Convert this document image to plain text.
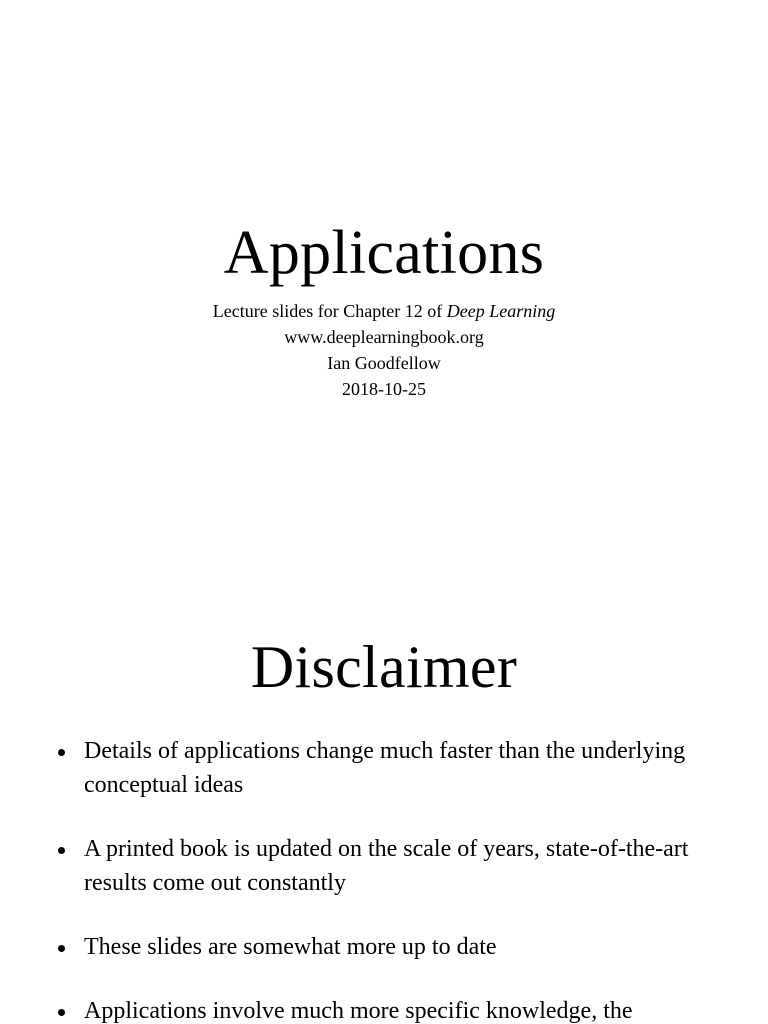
Applications
Lecture slides for Chapter 12 of Deep Learning
www.deeplearningbook.org
Ian Goodfellow
2018-10-25
Disclaimer
Details of applications change much faster than the underlying conceptual ideas
A printed book is updated on the scale of years, state-of-the-art results come out constantly
These slides are somewhat more up to date
Applications involve much more specific knowledge, the
